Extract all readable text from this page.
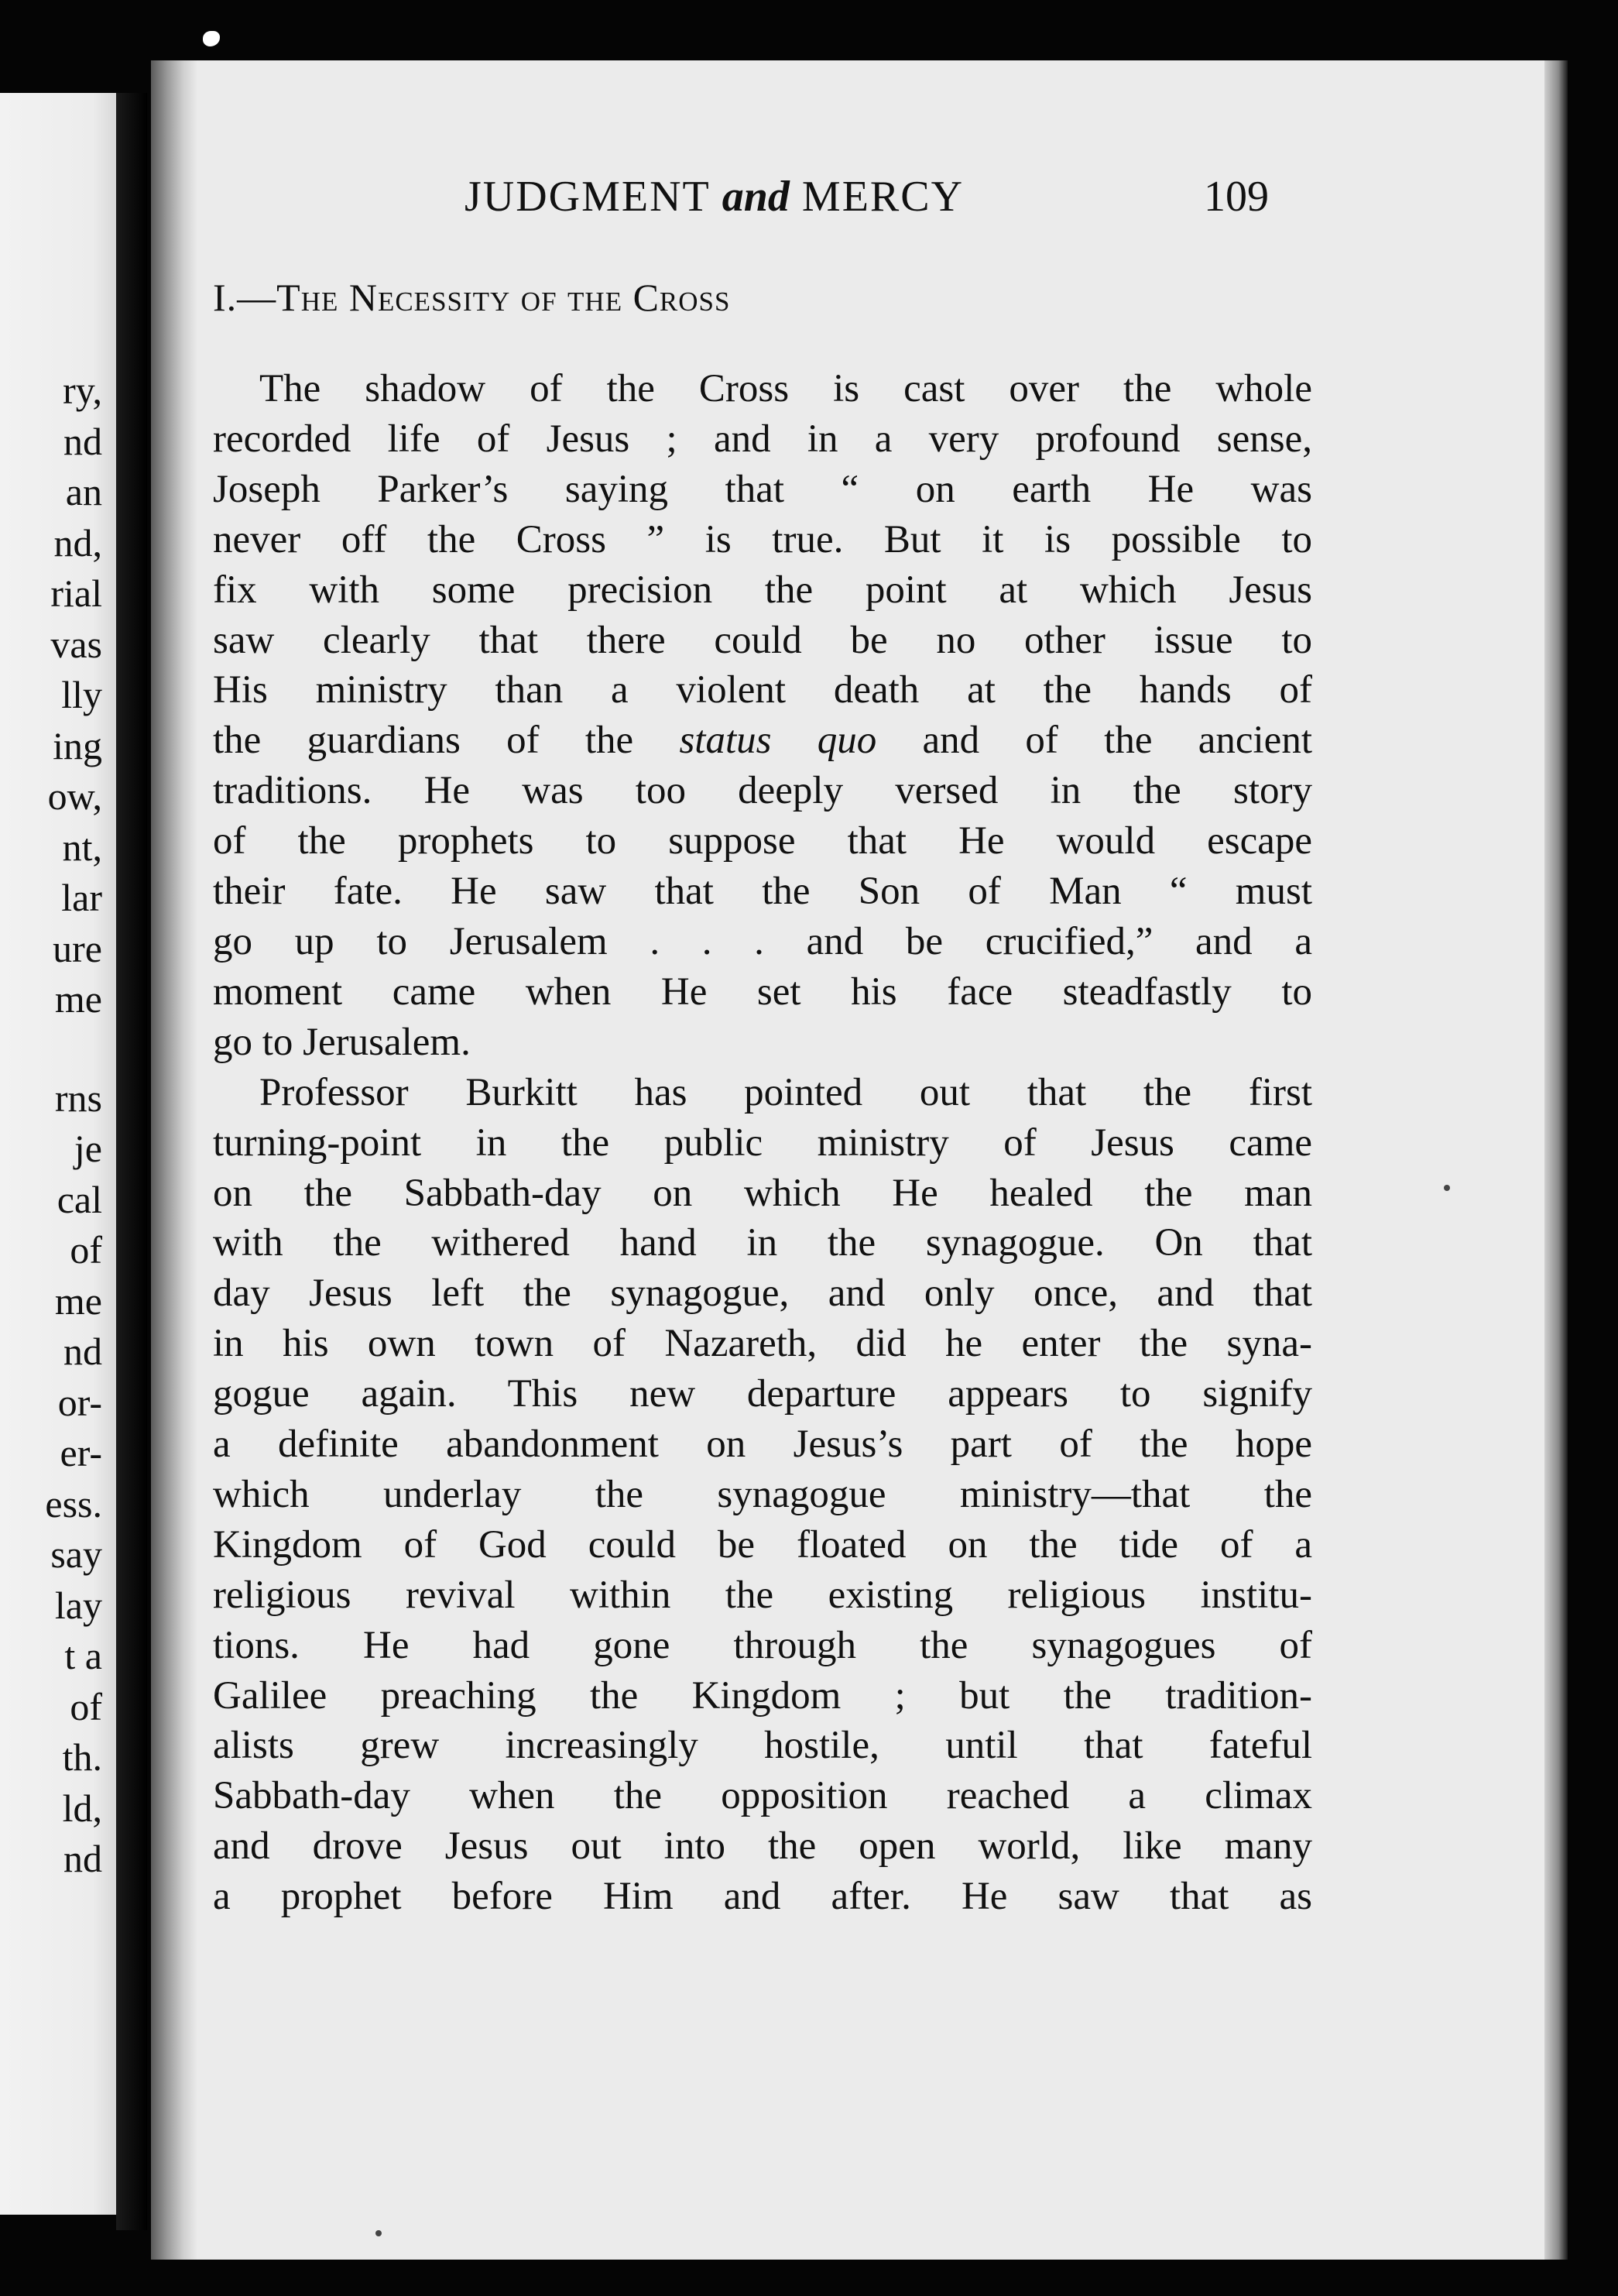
ry,
nd
an
nd,
rial
vas
lly
ing
ow,
nt,
lar
ure
me
rns
je
cal
of
me
nd
or-
er-
ess.
say
lay
t a
of
th.
ld,
nd
JUDGMENT and MERCY	109
I.—The Necessity of the Cross
The shadow of the Cross is cast over the whole
recorded life of Jesus ; and in a very profound sense,
Joseph Parker’s saying that “ on earth He was
never off the Cross ” is true. But it is possible to
fix with some precision the point at which Jesus
saw clearly that there could be no other issue to
His ministry than a violent death at the hands of
the guardians of the status quo and of the ancient
traditions. He was too deeply versed in the story
of the prophets to suppose that He would escape
their fate. He saw that the Son of Man “ must
go up to Jerusalem . . . and be crucified,” and a
moment came when He set his face steadfastly to
go to Jerusalem.
Professor Burkitt has pointed out that the first
turning-point in the public ministry of Jesus came
on the Sabbath-day on which He healed the man
with the withered hand in the synagogue. On that
day Jesus left the synagogue, and only once, and that
in his own town of Nazareth, did he enter the syna-
gogue again. This new departure appears to signify
a definite abandonment on Jesus’s part of the hope
which underlay the synagogue ministry—that the
Kingdom of God could be floated on the tide of a
religious revival within the existing religious institu-
tions. He had gone through the synagogues of
Galilee preaching the Kingdom ; but the tradition-
alists grew increasingly hostile, until that fateful
Sabbath-day when the opposition reached a climax
and drove Jesus out into the open world, like many
a prophet before Him and after. He saw that as
